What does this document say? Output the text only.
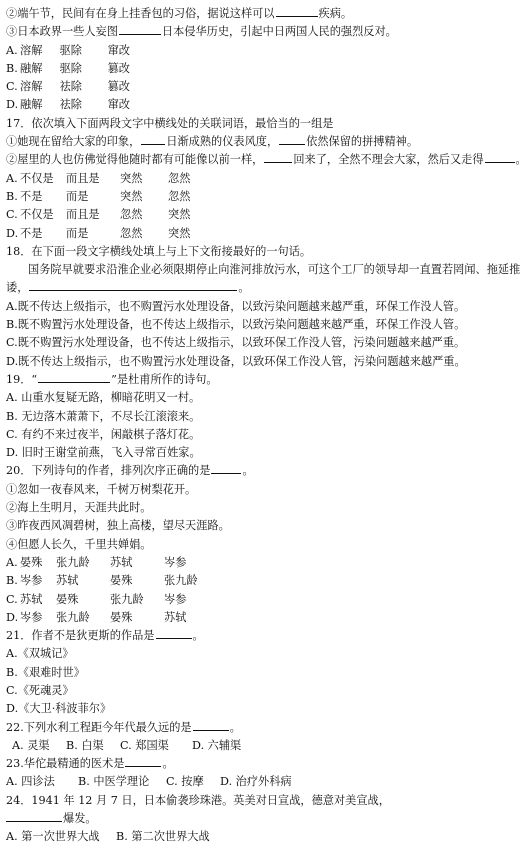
②端午节，民间有在身上挂香包的习俗，据说这样可以	疾病。
③日本政界一些人妄图	日本侵华历史，引起中日两国人民的强烈反对。
A. 溶解 驱除 窜改
B. 融解 驱除 篡改
C. 溶解 祛除 篡改
D. 融解 祛除 窜改
17．依次填入下面两段文字中横线处的关联词语，最恰当的一组是
①她现在留给大家的印象， 日渐成熟的仪表风度，	依然保留的拼搏精神。
②屋里的人也仿佛觉得他随时都有可能像以前一样，	回来了，全然不理会大家，然后又走得	。
A. 不仅是 而且是 突然 忽然
B. 不是 而是	突然 忽然
C. 不仅是 而且是 忽然 突然
D. 不是 而是	忽然 突然
18．在下面一段文字横线处填上与上下文衔接最好的一句话。
国务院早就要求沿淮企业必须限期停止向淮河排放污水，可这个工厂的领导却一直置若罔闻、拖延推
诿，	。
A.既不传达上级指示，也不购置污水处理设备，以致污染问题越来越严重，环保工作没人管。
B.既不购置污水处理设备，也不传达上级指示，以致污染问题越来越严重，环保工作没人管。
C.既不购置污水处理设备，也不传达上级指示，以致环保工作没人管，污染问题越来越严重。
D.既不传达上级指示，也不购置污水处理设备，以致环保工作没人管，污染问题越来越严重。
19．“	”是杜甫所作的诗句。
A. 山重水复疑无路，柳暗花明又一村。
B. 无边落木萧萧下，不尽长江滚滚来。
C. 有约不来过夜半，闲敲棋子落灯花。
D. 旧时王谢堂前燕，飞入寻常百姓家。
20．下列诗句的作者，排列次序正确的是	。
①忽如一夜春风来，千树万树梨花开。
②海上生明月，天涯共此时。
③昨夜西风凋碧树，独上高楼，望尽天涯路。
④但愿人长久，千里共婵娟。
A. 晏殊 张九龄 苏轼	岑参
B. 岑参 苏轼	晏殊	张九龄
C. 苏轼 晏殊	张九龄 岑参
D. 岑参 张九龄 晏殊	苏轼
21．作者不是狄更斯的作品是	。
A.《双城记》
B.《艰难时世》
C.《死魂灵》
D.《大卫·科波菲尔》
22.下列水利工程距今年代最久远的是	。
A. 灵渠 B. 白渠 C. 郑国渠 D. 六辅渠
23.华佗最精通的医术是	。
A. 四诊法 B. 中医学理论 C. 按摩 D. 治疗外科病
24．1941 年 12 月 7 日，日本偷袭珍珠港。英美对日宣战，德意对美宣战，
爆发。
A. 第一次世界大战 B. 第二次世界大战
